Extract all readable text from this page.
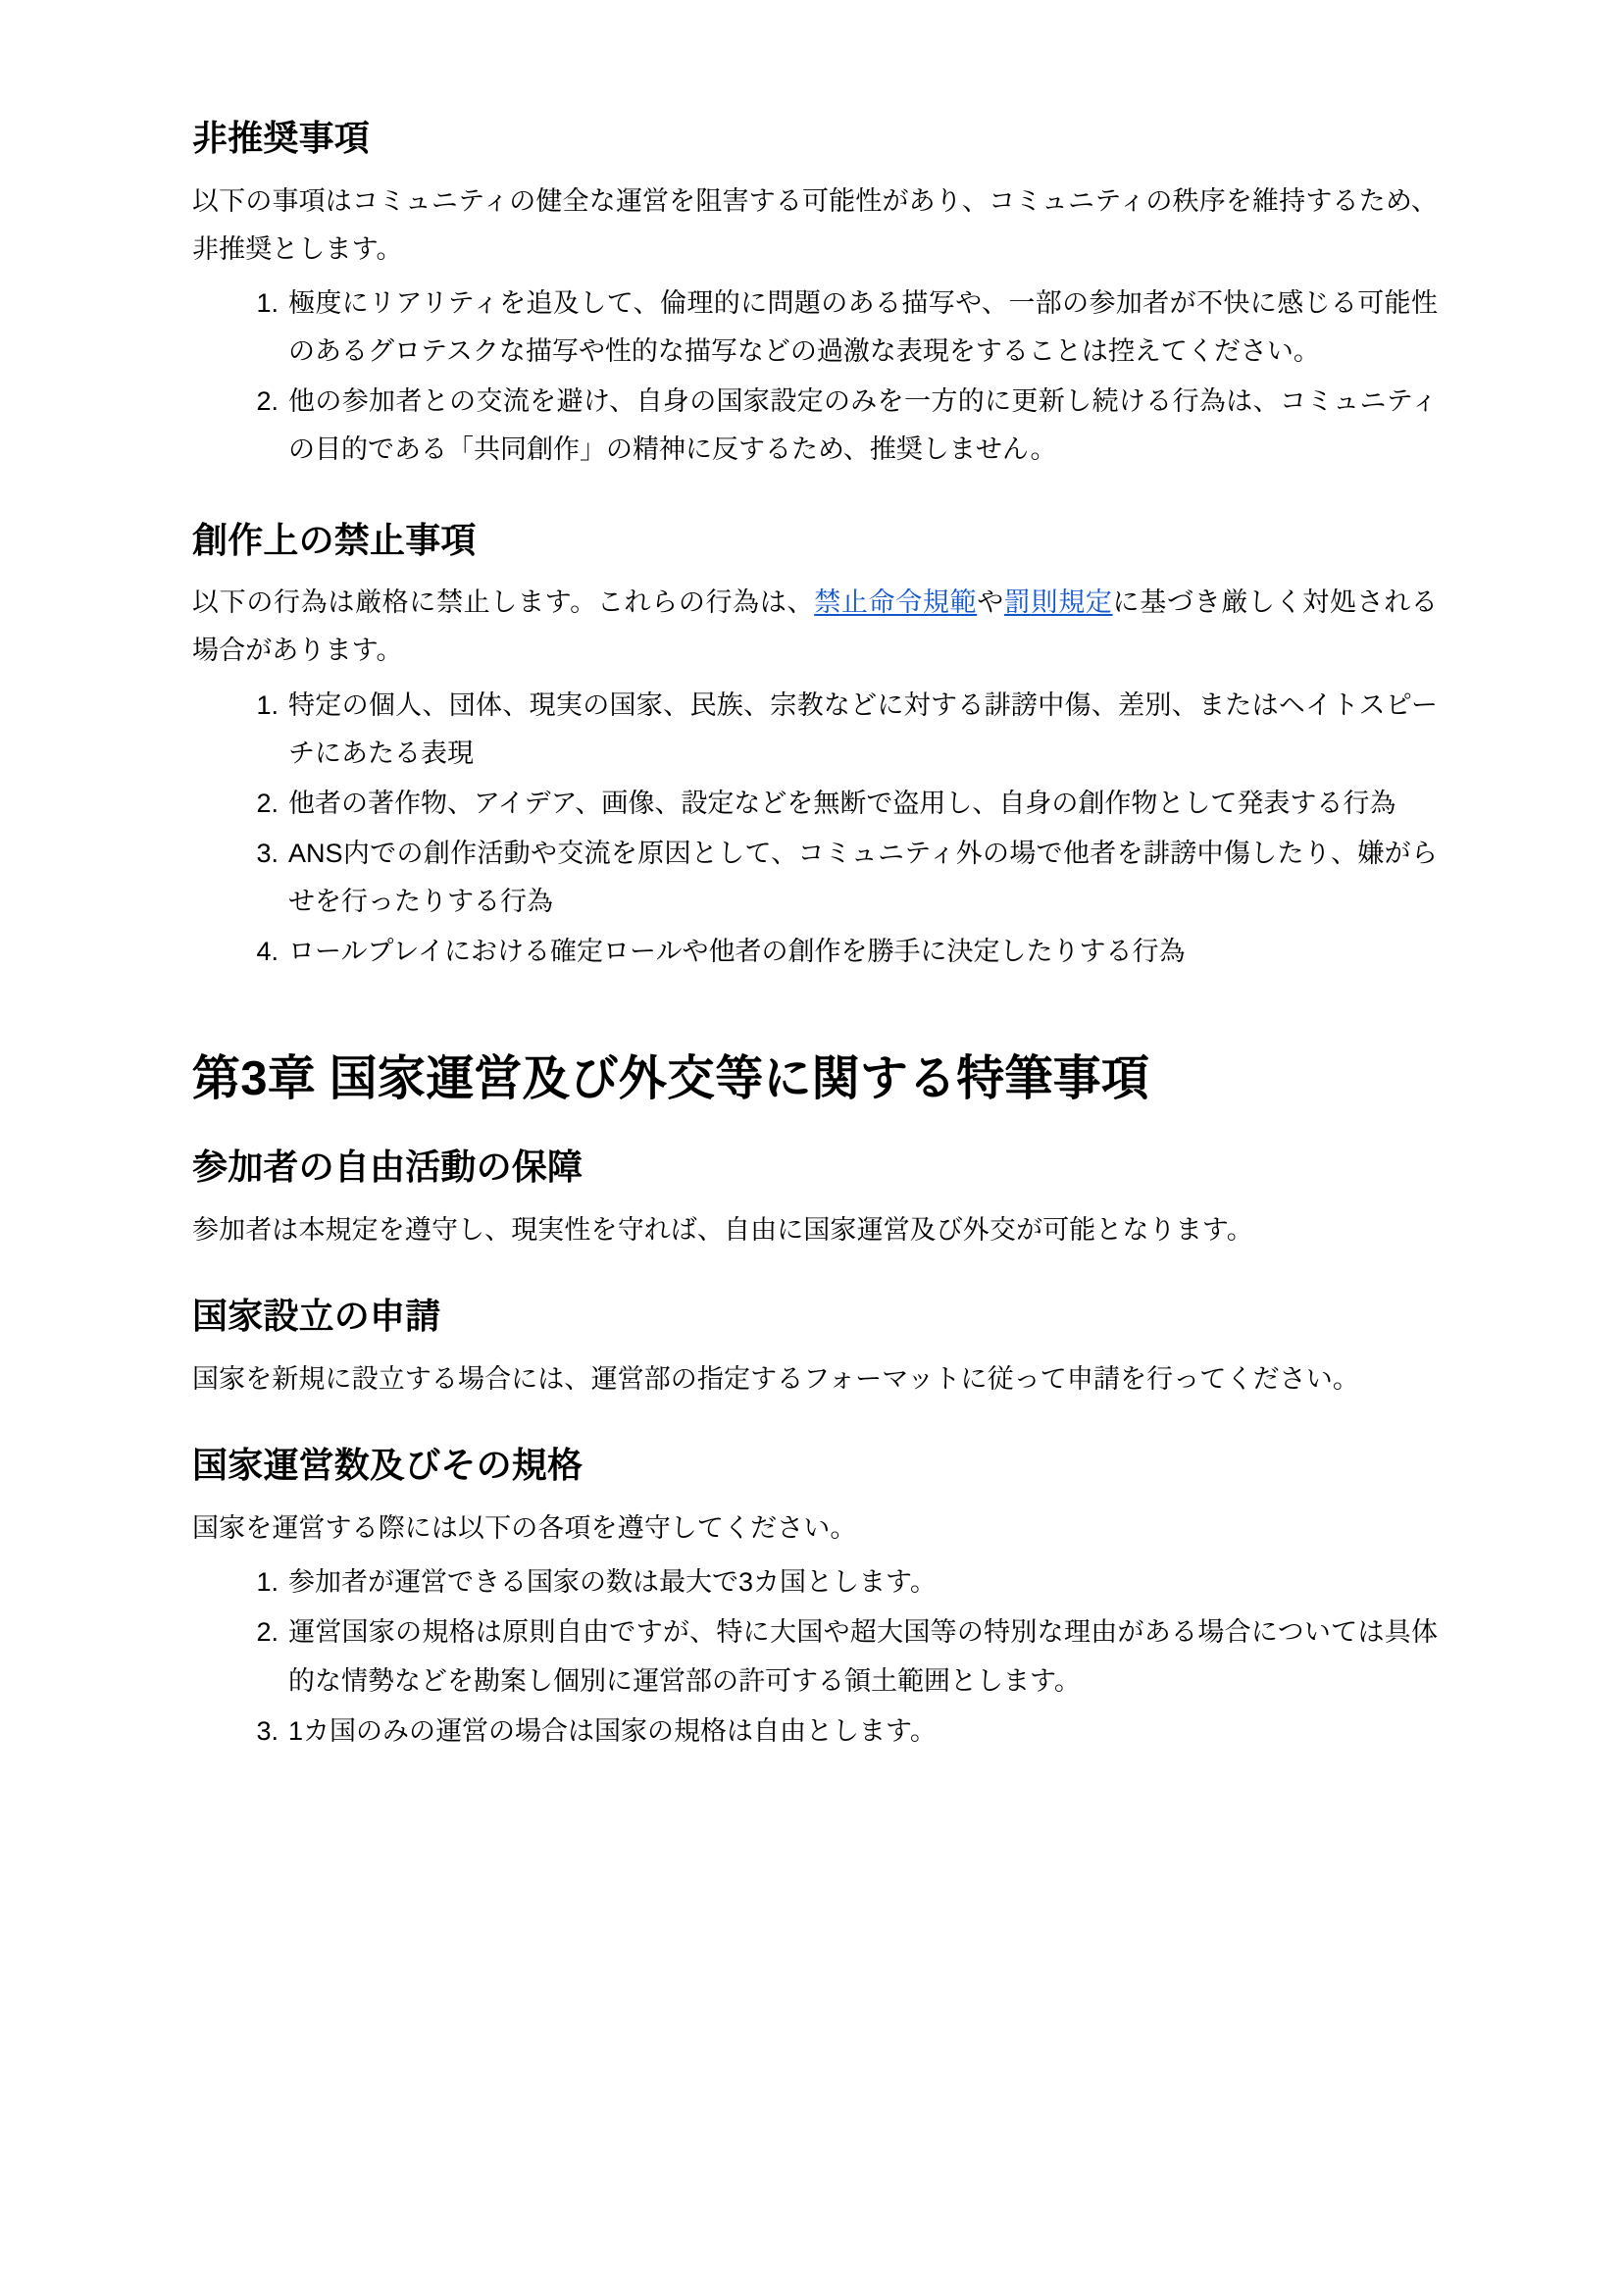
非推奨事項

以下の事項はコミュニティの健全な運営を阻害する可能性があり、コミュニティの秩序を維持するため、非推奨とします。

極度にリアリティを追及して、倫理的に問題のある描写や、一部の参加者が不快に感じる可能性のあるグロテスクな描写や性的な描写などの過激な表現をすることは控えてください。
他の参加者との交流を避け、自身の国家設定のみを一方的に更新し続ける行為は、コミュニティの目的である「共同創作」の精神に反するため、推奨しません。
創作上の禁止事項

以下の行為は厳格に禁止します。これらの行為は、禁止命令規範や罰則規定に基づき厳しく対処される場合があります。

特定の個人、団体、現実の国家、民族、宗教などに対する誹謗中傷、差別、またはヘイトスピーチにあたる表現
他者の著作物、アイデア、画像、設定などを無断で盗用し、自身の創作物として発表する行為
ANS内での創作活動や交流を原因として、コミュニティ外の場で他者を誹謗中傷したり、嫌がらせを行ったりする行為
ロールプレイにおける確定ロールや他者の創作を勝手に決定したりする行為
第3章 国家運営及び外交等に関する特筆事項
参加者の自由活動の保障

参加者は本規定を遵守し、現実性を守れば、自由に国家運営及び外交が可能となります。

国家設立の申請

国家を新規に設立する場合には、運営部の指定するフォーマットに従って申請を行ってください。

国家運営数及びその規格

国家を運営する際には以下の各項を遵守してください。

参加者が運営できる国家の数は最大で3カ国とします。
運営国家の規格は原則自由ですが、特に大国や超大国等の特別な理由がある場合については具体的な情勢などを勘案し個別に運営部の許可する領土範囲とします。
1カ国のみの運営の場合は国家の規格は自由とします。
